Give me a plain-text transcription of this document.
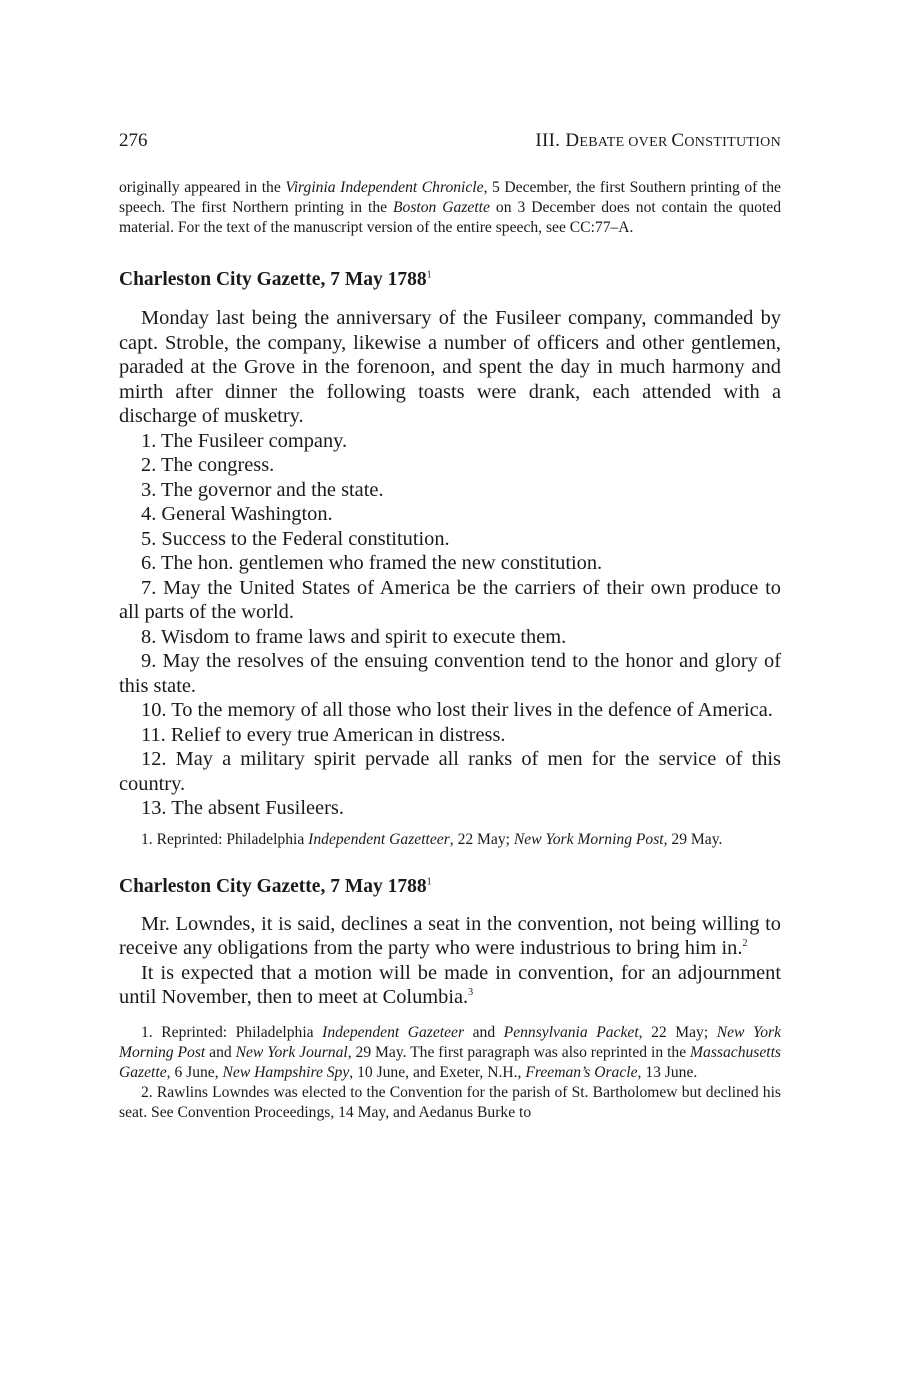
276	III. DEBATE OVER CONSTITUTION

originally appeared in the Virginia Independent Chronicle, 5 December, the first Southern printing of the speech. The first Northern printing in the Boston Gazette on 3 December does not contain the quoted material. For the text of the manuscript version of the entire speech, see CC:77–A.

Charleston City Gazette, 7 May 1788$^1$

Monday last being the anniversary of the Fusileer company, commanded by capt. Stroble, the company, likewise a number of officers and other gentlemen, paraded at the Grove in the forenoon, and spent the day in much harmony and mirth after dinner the following toasts were drank, each attended with a discharge of musketry.

1. The Fusileer company.

2. The congress.

3. The governor and the state.

4. General Washington.

5. Success to the Federal constitution.

6. The hon. gentlemen who framed the new constitution.

7. May the United States of America be the carriers of their own produce to all parts of the world.

8. Wisdom to frame laws and spirit to execute them.

9. May the resolves of the ensuing convention tend to the honor and glory of this state.

10. To the memory of all those who lost their lives in the defence of America.

11. Relief to every true American in distress.

12. May a military spirit pervade all ranks of men for the service of this country.

13. The absent Fusileers.

1. Reprinted: Philadelphia Independent Gazetteer, 22 May; New York Morning Post, 29 May.

Charleston City Gazette, 7 May 1788$^1$

Mr. Lowndes, it is said, declines a seat in the convention, not being willing to receive any obligations from the party who were industrious to bring him in.$^2$

It is expected that a motion will be made in convention, for an adjournment until November, then to meet at Columbia.$^3$

1. Reprinted: Philadelphia Independent Gazeteer and Pennsylvania Packet, 22 May; New York Morning Post and New York Journal, 29 May. The first paragraph was also reprinted in the Massachusetts Gazette, 6 June, New Hampshire Spy, 10 June, and Exeter, N.H., Freeman’s Oracle, 13 June.

2. Rawlins Lowndes was elected to the Convention for the parish of St. Bartholomew but declined his seat. See Convention Proceedings, 14 May, and Aedanus Burke to
